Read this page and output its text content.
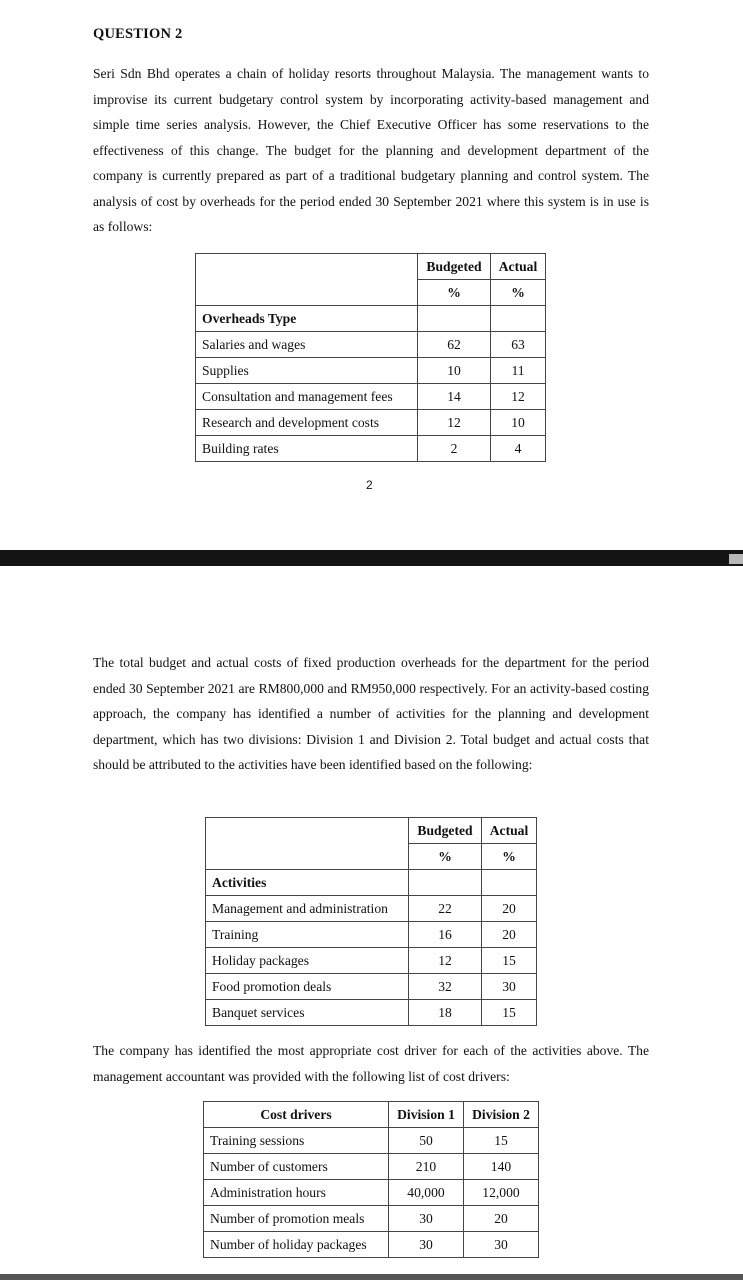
QUESTION 2

Seri Sdn Bhd operates a chain of holiday resorts throughout Malaysia. The management wants to improvise its current budgetary control system by incorporating activity-based management and simple time series analysis. However, the Chief Executive Officer has some reservations to the effectiveness of this change. The budget for the planning and development department of the company is currently prepared as part of a traditional budgetary planning and control system. The analysis of cost by overheads for the period ended 30 September 2021 where this system is in use is as follows:

	Budgeted	Actual
	%	%
Overheads Type		
Salaries and wages	62	63
Supplies	10	11
Consultation and management fees	14	12
Research and development costs	12	10
Building rates	2	4
2

The total budget and actual costs of fixed production overheads for the department for the period ended 30 September 2021 are RM800,000 and RM950,000 respectively. For an activity-based costing approach, the company has identified a number of activities for the planning and development department, which has two divisions: Division 1 and Division 2. Total budget and actual costs that should be attributed to the activities have been identified based on the following:

	Budgeted	Actual
	%	%
Activities		
Management and administration	22	20
Training	16	20
Holiday packages	12	15
Food promotion deals	32	30
Banquet services	18	15

The company has identified the most appropriate cost driver for each of the activities above. The management accountant was provided with the following list of cost drivers:

Cost drivers	Division 1	Division 2
Training sessions	50	15
Number of customers	210	140
Administration hours	40,000	12,000
Number of promotion meals	30	20
Number of holiday packages	30	30
